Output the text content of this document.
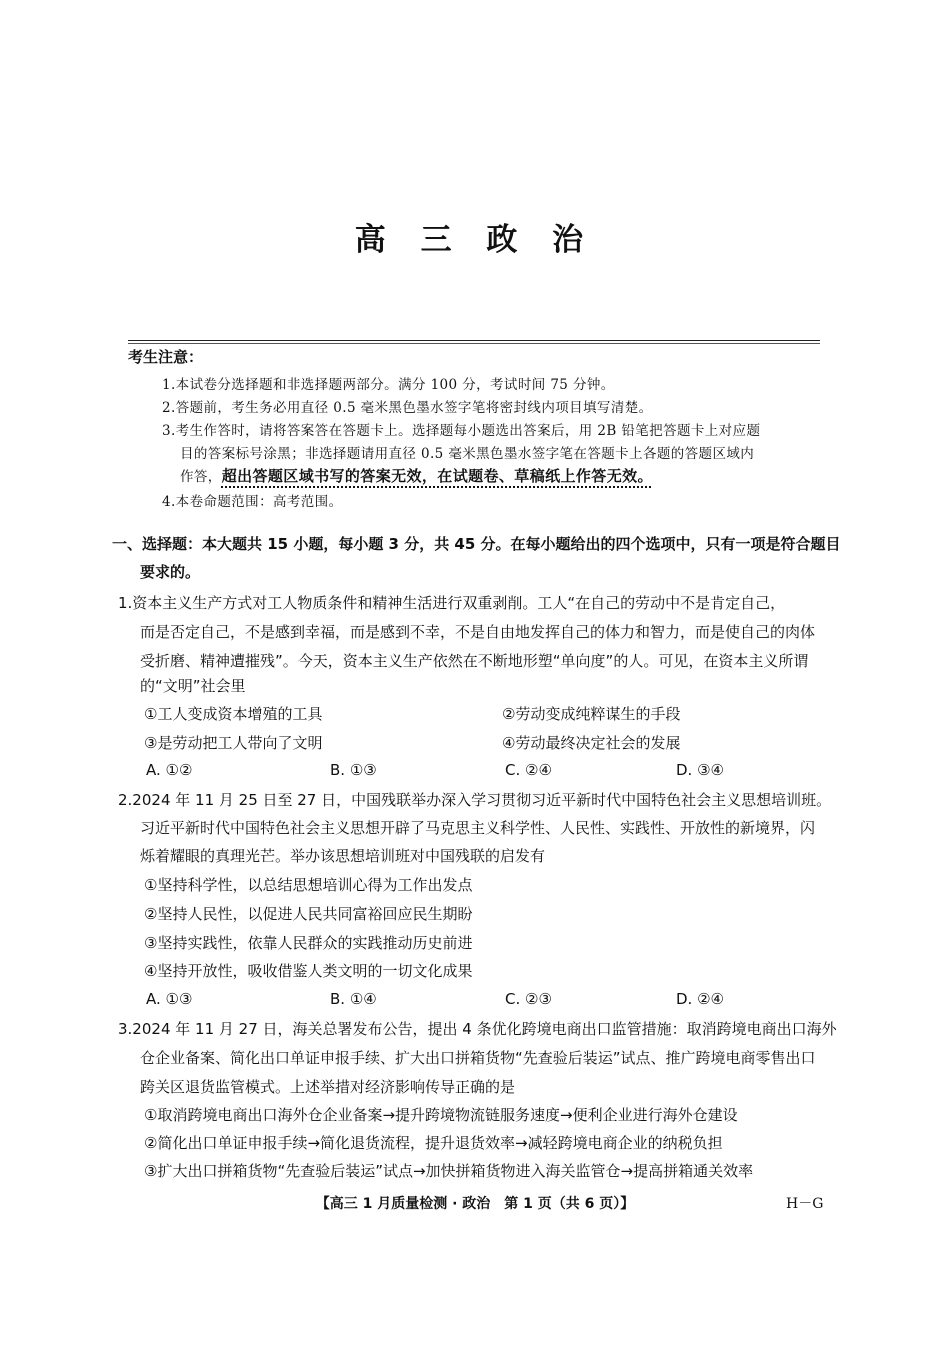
高 三 政 治
考生注意：
1.本试卷分选择题和非选择题两部分。满分 100 分，考试时间 75 分钟。
2.答题前，考生务必用直径 0.5 毫米黑色墨水签字笔将密封线内项目填写清楚。
3.考生作答时，请将答案答在答题卡上。选择题每小题选出答案后，用 2B 铅笔把答题卡上对应题
目的答案标号涂黑；非选择题请用直径 0.5 毫米黑色墨水签字笔在答题卡上各题的答题区域内
作答，超出答题区域书写的答案无效，在试题卷、草稿纸上作答无效。
4.本卷命题范围：高考范围。
一、选择题：本大题共 15 小题，每小题 3 分，共 45 分。在每小题给出的四个选项中，只有一项是符合题目
要求的。
1.资本主义生产方式对工人物质条件和精神生活进行双重剥削。工人“在自己的劳动中不是肯定自己，
而是否定自己，不是感到幸福，而是感到不幸，不是自由地发挥自己的体力和智力，而是使自己的肉体
受折磨、精神遭摧残”。今天，资本主义生产依然在不断地形塑“单向度”的人。可见，在资本主义所谓
的“文明”社会里
①工人变成资本增殖的工具	②劳动变成纯粹谋生的手段
③是劳动把工人带向了文明	④劳动最终决定社会的发展
A. ①②	B. ①③	C. ②④	D. ③④
2.2024 年 11 月 25 日至 27 日，中国残联举办深入学习贯彻习近平新时代中国特色社会主义思想培训班。
习近平新时代中国特色社会主义思想开辟了马克思主义科学性、人民性、实践性、开放性的新境界，闪
烁着耀眼的真理光芒。举办该思想培训班对中国残联的启发有
①坚持科学性，以总结思想培训心得为工作出发点
②坚持人民性，以促进人民共同富裕回应民生期盼
③坚持实践性，依靠人民群众的实践推动历史前进
④坚持开放性，吸收借鉴人类文明的一切文化成果
A. ①③	B. ①④	C. ②③	D. ②④
3.2024 年 11 月 27 日，海关总署发布公告，提出 4 条优化跨境电商出口监管措施：取消跨境电商出口海外
仓企业备案、简化出口单证申报手续、扩大出口拼箱货物“先查验后装运”试点、推广跨境电商零售出口
跨关区退货监管模式。上述举措对经济影响传导正确的是
①取消跨境电商出口海外仓企业备案→提升跨境物流链服务速度→便利企业进行海外仓建设
②简化出口单证申报手续→简化退货流程，提升退货效率→减轻跨境电商企业的纳税负担
③扩大出口拼箱货物“先查验后装运”试点→加快拼箱货物进入海关监管仓→提高拼箱通关效率
【高三 1 月质量检测 · 政治　第 1 页（共 6 页）】	H－G
